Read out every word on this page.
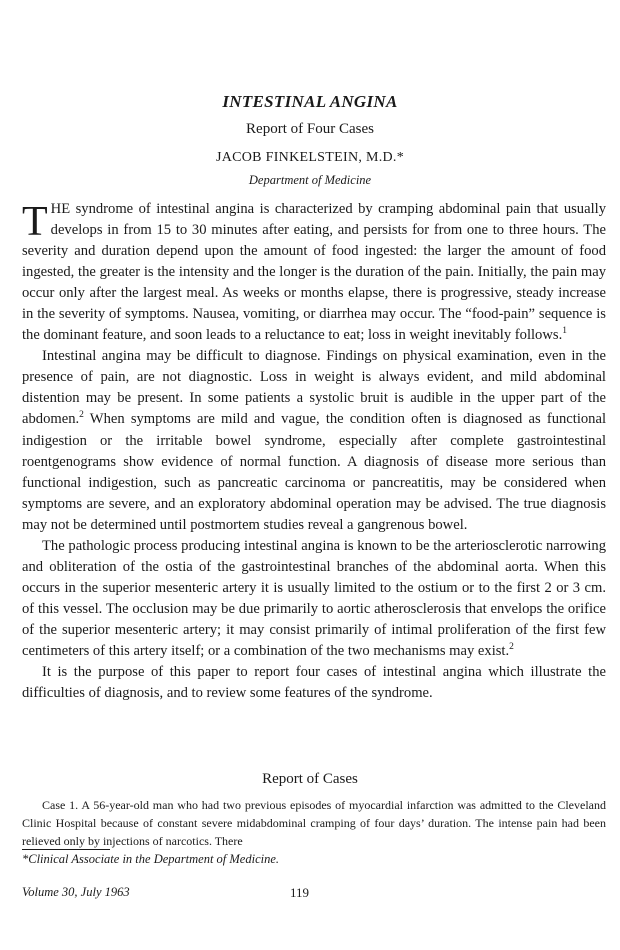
INTESTINAL ANGINA
Report of Four Cases
JACOB FINKELSTEIN, M.D.*
Department of Medicine

THE syndrome of intestinal angina is characterized by cramping abdominal pain that usually develops in from 15 to 30 minutes after eating, and persists for from one to three hours. The severity and duration depend upon the amount of food ingested: the larger the amount of food ingested, the greater is the intensity and the longer is the duration of the pain. Initially, the pain may occur only after the largest meal. As weeks or months elapse, there is progressive, steady increase in the severity of symptoms. Nausea, vomiting, or diarrhea may occur. The “food-pain” sequence is the dominant feature, and soon leads to a reluctance to eat; loss in weight inevitably follows.$^1$

Intestinal angina may be difficult to diagnose. Findings on physical examination, even in the presence of pain, are not diagnostic. Loss in weight is always evident, and mild abdominal distention may be present. In some patients a systolic bruit is audible in the upper part of the abdomen.$^2$ When symptoms are mild and vague, the condition often is diagnosed as functional indigestion or the irritable bowel syndrome, especially after complete gastrointestinal roentgenograms show evidence of normal function. A diagnosis of disease more serious than functional indigestion, such as pancreatic carcinoma or pancreatitis, may be considered when symptoms are severe, and an exploratory abdominal operation may be advised. The true diagnosis may not be determined until postmortem studies reveal a gangrenous bowel.

The pathologic process producing intestinal angina is known to be the arteriosclerotic narrowing and obliteration of the ostia of the gastrointestinal branches of the abdominal aorta. When this occurs in the superior mesenteric artery it is usually limited to the ostium or to the first 2 or 3 cm. of this vessel. The occlusion may be due primarily to aortic atherosclerosis that envelops the orifice of the superior mesenteric artery; it may consist primarily of intimal proliferation of the first few centimeters of this artery itself; or a combination of the two mechanisms may exist.$^2$

It is the purpose of this paper to report four cases of intestinal angina which illustrate the difficulties of diagnosis, and to review some features of the syndrome.

Report of Cases

Case 1. A 56-year-old man who had two previous episodes of myocardial infarction was admitted to the Cleveland Clinic Hospital because of constant severe midabdominal cramping of four days’ duration. The intense pain had been relieved only by injections of narcotics. There

*Clinical Associate in the Department of Medicine.
Volume 30, July 1963	119
